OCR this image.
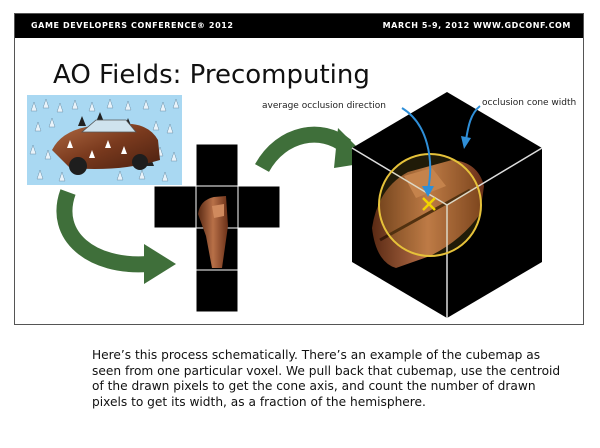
GAME DEVELOPERS CONFERENCE® 2012	MARCH 5-9, 2012 WWW.GDCONF.COM
AO Fields: Precomputing
average occlusion direction	occlusion cone width
Here’s this process schematically. There’s an example of the cubemap as seen from one particular voxel. We pull back that cubemap, use the centroid of the drawn pixels to get the cone axis, and count the number of drawn pixels to get its width, as a fraction of the hemisphere.
